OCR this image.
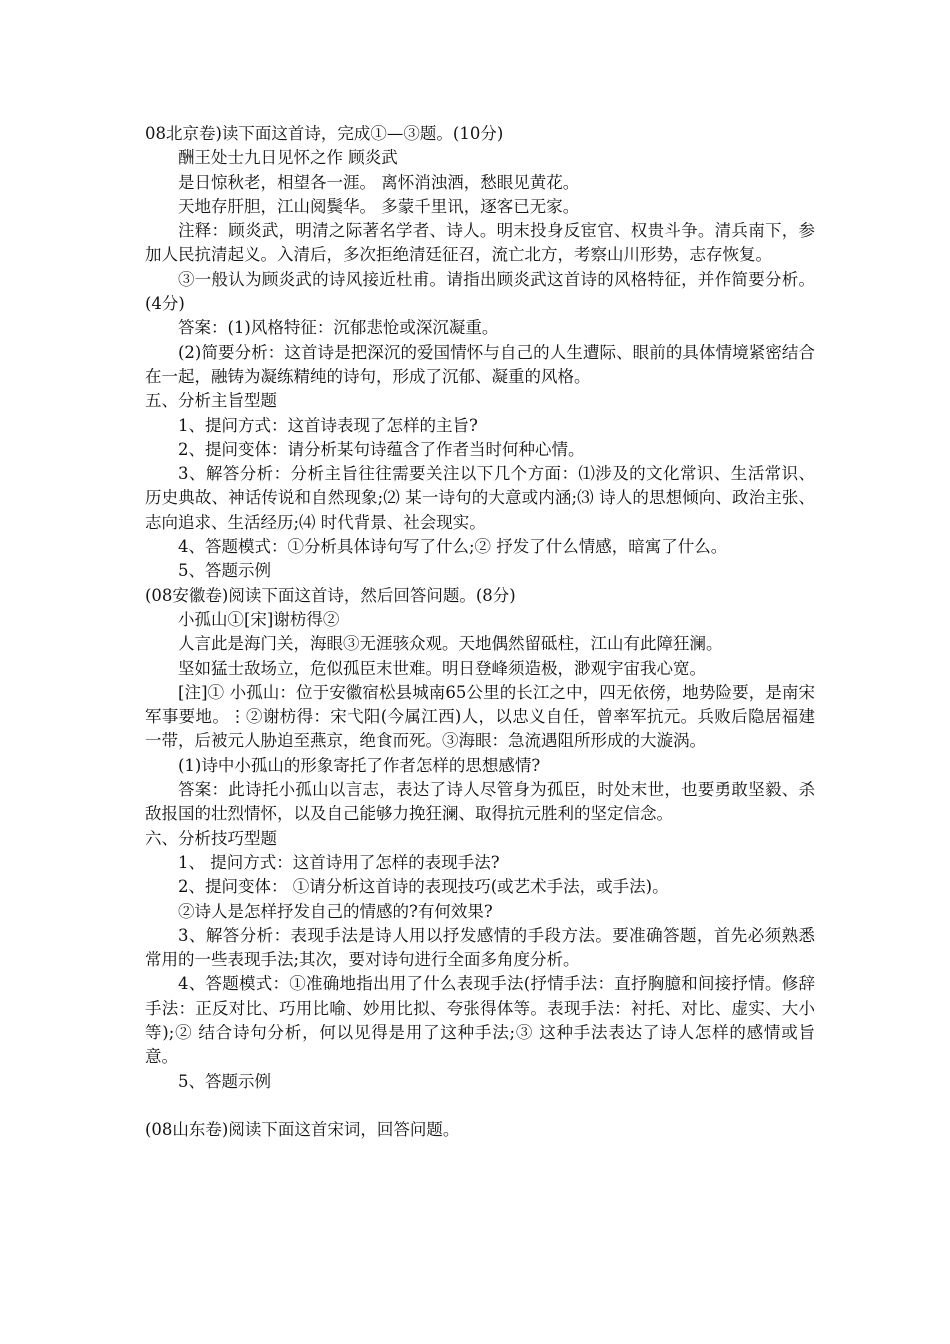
08北京卷)读下面这首诗，完成①—③题。(10分)

酬王处士九日见怀之作 顾炎武

是日惊秋老，相望各一涯。 离怀消浊酒，愁眼见黄花。

天地存肝胆，江山阅鬓华。 多蒙千里讯，逐客已无家。

注释：顾炎武，明清之际著名学者、诗人。明末投身反宦官、权贵斗争。清兵南下，参加人民抗清起义。入清后，多次拒绝清廷征召，流亡北方，考察山川形势，志存恢复。

③一般认为顾炎武的诗风接近杜甫。请指出顾炎武这首诗的风格特征，并作简要分析。(4分)

答案：(1)风格特征：沉郁悲怆或深沉凝重。

(2)简要分析：这首诗是把深沉的爱国情怀与自己的人生遭际、眼前的具体情境紧密结合在一起，融铸为凝练精纯的诗句，形成了沉郁、凝重的风格。

五、分析主旨型题

1、提问方式：这首诗表现了怎样的主旨?

2、提问变体：请分析某句诗蕴含了作者当时何种心情。

3、解答分析：分析主旨往往需要关注以下几个方面：⑴涉及的文化常识、生活常识、历史典故、神话传说和自然现象;⑵ 某一诗句的大意或内涵;⑶ 诗人的思想倾向、政治主张、志向追求、生活经历;⑷ 时代背景、社会现实。

4、答题模式：①分析具体诗句写了什么;② 抒发了什么情感，暗寓了什么。

5、答题示例

(08安徽卷)阅读下面这首诗，然后回答问题。(8分)

小孤山①[宋]谢枋得②

人言此是海门关，海眼③无涯骇众观。天地偶然留砥柱，江山有此障狂澜。

坚如猛士敌场立，危似孤臣末世难。明日登峰须造极，渺观宇宙我心宽。

[注]① 小孤山：位于安徽宿松县城南65公里的长江之中，四无依傍，地势险要，是南宋军事要地。⋮②谢枋得：宋弋阳(今属江西)人，以忠义自任，曾率军抗元。兵败后隐居福建一带，后被元人胁迫至燕京，绝食而死。③海眼：急流遇阻所形成的大漩涡。

(1)诗中小孤山的形象寄托了作者怎样的思想感情?

答案：此诗托小孤山以言志，表达了诗人尽管身为孤臣，时处末世，也要勇敢坚毅、杀敌报国的壮烈情怀，以及自己能够力挽狂澜、取得抗元胜利的坚定信念。

六、分析技巧型题

1、 提问方式：这首诗用了怎样的表现手法?

2、提问变体： ①请分析这首诗的表现技巧(或艺术手法，或手法)。

②诗人是怎样抒发自己的情感的?有何效果?

3、解答分析：表现手法是诗人用以抒发感情的手段方法。要准确答题，首先必须熟悉常用的一些表现手法;其次，要对诗句进行全面多角度分析。

4、答题模式：①准确地指出用了什么表现手法(抒情手法：直抒胸臆和间接抒情。修辞手法：正反对比、巧用比喻、妙用比拟、夸张得体等。表现手法：衬托、对比、虚实、大小等);② 结合诗句分析，何以见得是用了这种手法;③ 这种手法表达了诗人怎样的感情或旨意。

5、答题示例

(08山东卷)阅读下面这首宋词，回答问题。
